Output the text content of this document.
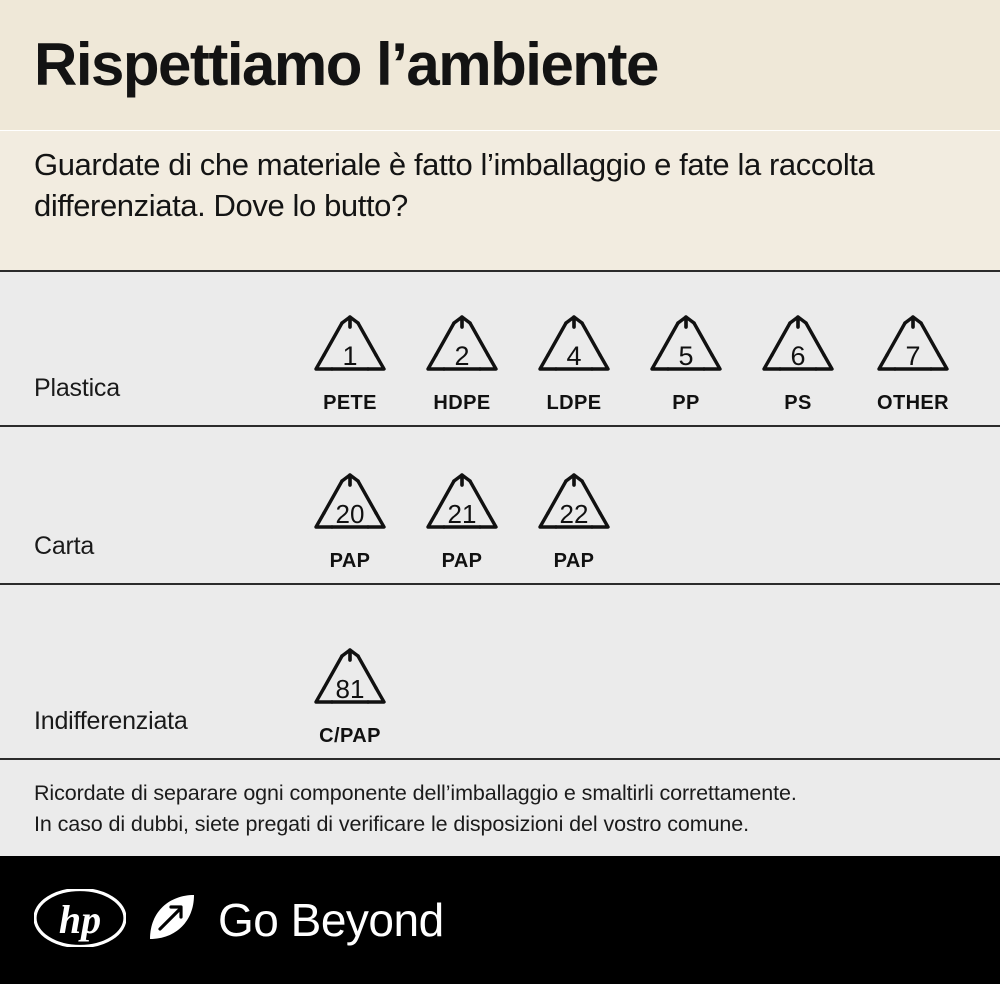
Rispettiamo l’ambiente

Guardate di che materiale è fatto l’imballaggio e fate la raccolta differenziata. Dove lo butto?

Plastica
1
PETE
2
HDPE
4
LDPE
5
PP
6
PS
7
OTHER
Carta
20
PAP
21
PAP
22
PAP
Indifferenziata
81
C/PAP

Ricordate di separare ogni componente dell’imballaggio e smaltirli correttamente.

In caso di dubbi, siete pregati di verificare le disposizioni del vostro comune.

hp	Go Beyond
